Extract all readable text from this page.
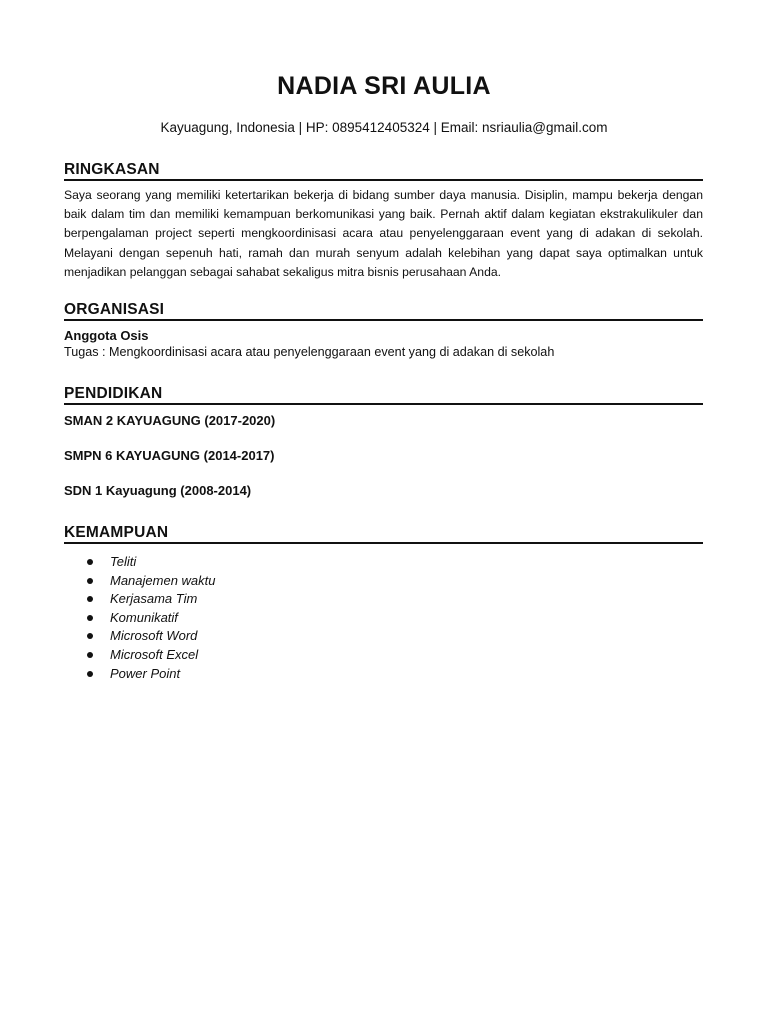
NADIA SRI AULIA
Kayuagung, Indonesia | HP: 0895412405324 | Email: nsriaulia@gmail.com
RINGKASAN
Saya seorang yang memiliki ketertarikan bekerja di bidang sumber daya manusia. Disiplin, mampu bekerja dengan baik dalam tim dan memiliki kemampuan berkomunikasi yang baik. Pernah aktif dalam kegiatan ekstrakulikuler dan berpengalaman project seperti mengkoordinisasi acara atau penyelenggaraan event yang di adakan di sekolah. Melayani dengan sepenuh hati, ramah dan murah senyum adalah kelebihan yang dapat saya optimalkan untuk menjadikan pelanggan sebagai sahabat sekaligus mitra bisnis perusahaan Anda.
ORGANISASI
Anggota Osis
Tugas : Mengkoordinisasi acara atau penyelenggaraan event yang di adakan di sekolah
PENDIDIKAN
SMAN 2 KAYUAGUNG (2017-2020)
SMPN 6 KAYUAGUNG (2014-2017)
SDN 1 Kayuagung (2008-2014)
KEMAMPUAN
Teliti
Manajemen waktu
Kerjasama Tim
Komunikatif
Microsoft Word
Microsoft Excel
Power Point
